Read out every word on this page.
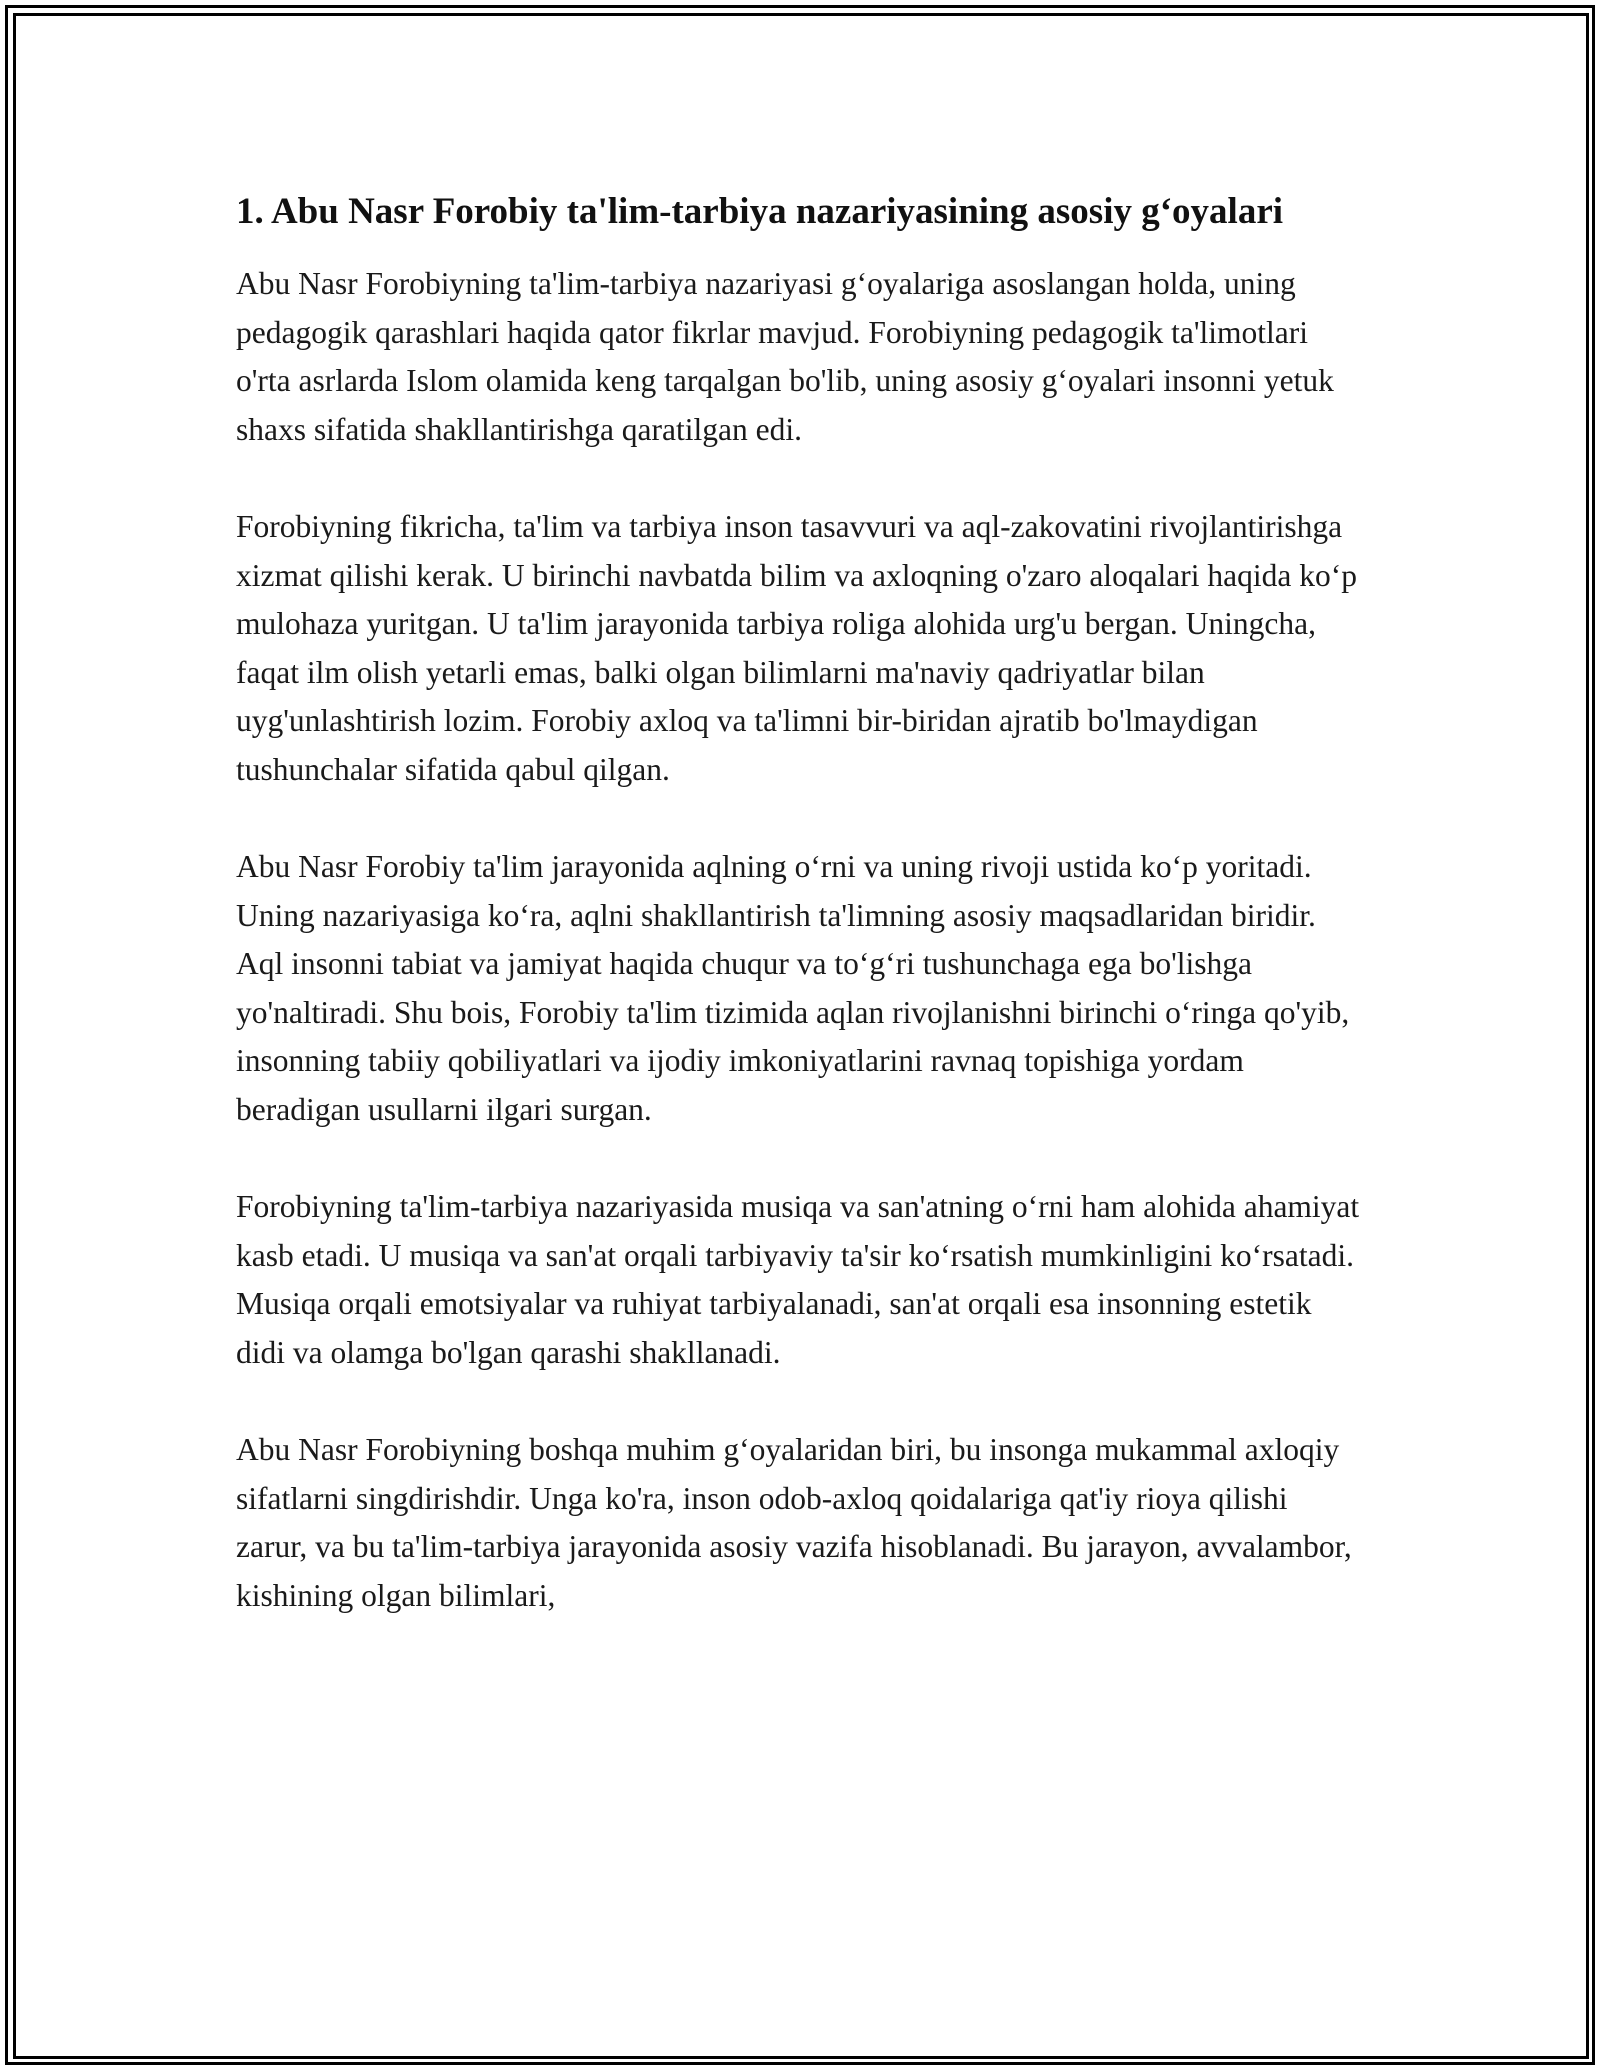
1. Abu Nasr Forobiy ta'lim-tarbiya nazariyasining asosiy g‘oyalari

Abu Nasr Forobiyning ta'lim-tarbiya nazariyasi g‘oyalariga asoslangan holda, uning pedagogik qarashlari haqida qator fikrlar mavjud. Forobiyning pedagogik ta'limotlari o'rta asrlarda Islom olamida keng tarqalgan bo'lib, uning asosiy g‘oyalari insonni yetuk shaxs sifatida shakllantirishga qaratilgan edi.

Forobiyning fikricha, ta'lim va tarbiya inson tasavvuri va aql-zakovatini rivojlantirishga xizmat qilishi kerak. U birinchi navbatda bilim va axloqning o'zaro aloqalari haqida ko‘p mulohaza yuritgan. U ta'lim jarayonida tarbiya roliga alohida urg'u bergan. Uningcha, faqat ilm olish yetarli emas, balki olgan bilimlarni ma'naviy qadriyatlar bilan uyg'unlashtirish lozim. Forobiy axloq va ta'limni bir-biridan ajratib bo'lmaydigan tushunchalar sifatida qabul qilgan.

Abu Nasr Forobiy ta'lim jarayonida aqlning o‘rni va uning rivoji ustida ko‘p yoritadi. Uning nazariyasiga ko‘ra, aqlni shakllantirish ta'limning asosiy maqsadlaridan biridir. Aql insonni tabiat va jamiyat haqida chuqur va to‘g‘ri tushunchaga ega bo'lishga yo'naltiradi. Shu bois, Forobiy ta'lim tizimida aqlan rivojlanishni birinchi o‘ringa qo'yib, insonning tabiiy qobiliyatlari va ijodiy imkoniyatlarini ravnaq topishiga yordam beradigan usullarni ilgari surgan.

Forobiyning ta'lim-tarbiya nazariyasida musiqa va san'atning o‘rni ham alohida ahamiyat kasb etadi. U musiqa va san'at orqali tarbiyaviy ta'sir ko‘rsatish mumkinligini ko‘rsatadi. Musiqa orqali emotsiyalar va ruhiyat tarbiyalanadi, san'at orqali esa insonning estetik didi va olamga bo'lgan qarashi shakllanadi.

Abu Nasr Forobiyning boshqa muhim g‘oyalaridan biri, bu insonga mukammal axloqiy sifatlarni singdirishdir. Unga ko'ra, inson odob-axloq qoidalariga qat'iy rioya qilishi zarur, va bu ta'lim-tarbiya jarayonida asosiy vazifa hisoblanadi. Bu jarayon, avvalambor, kishining olgan bilimlari,
